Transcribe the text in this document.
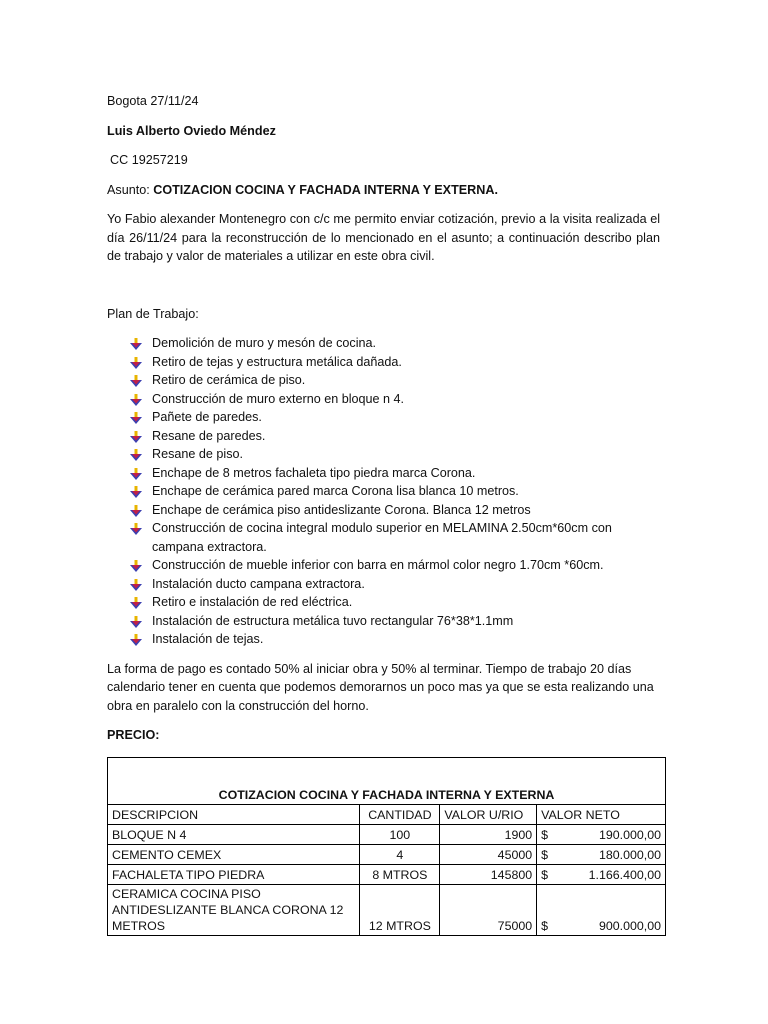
Bogota 27/11/24

Luis Alberto Oviedo Méndez

CC 19257219

Asunto: COTIZACION COCINA Y FACHADA INTERNA Y EXTERNA.

Yo Fabio alexander Montenegro con c/c me permito enviar cotización, previo a la visita realizada el día 26/11/24 para la reconstrucción de lo mencionado en el asunto; a continuación describo plan de trabajo y valor de materiales a utilizar en este obra civil.

Plan de Trabajo:

Demolición de muro y mesón de cocina.
Retiro de tejas y estructura metálica dañada.
Retiro de cerámica de piso.
Construcción de muro externo en bloque n 4.
Pañete de paredes.
Resane de paredes.
Resane de piso.
Enchape de 8 metros fachaleta tipo piedra marca Corona.
Enchape de cerámica pared marca Corona lisa blanca 10 metros.
Enchape de cerámica piso antideslizante Corona. Blanca 12 metros
Construcción de cocina integral modulo superior en MELAMINA 2.50cm*60cm con campana extractora.
Construcción de mueble inferior con barra en mármol color negro 1.70cm *60cm.
Instalación ducto campana extractora.
Retiro e instalación de red eléctrica.
Instalación de estructura metálica tuvo rectangular 76*38*1.1mm
Instalación de tejas.

La forma de pago es contado 50% al iniciar obra y 50% al terminar. Tiempo de trabajo 20 días calendario tener en cuenta que podemos demorarnos un poco mas ya que se esta realizando una obra en paralelo con la construcción del horno.

PRECIO:

COTIZACION COCINA Y FACHADA INTERNA Y EXTERNA			
DESCRIPCION	CANTIDAD	VALOR U/RIO	VALOR NETO
BLOQUE N 4	100	1900	$ 190.000,00

CEMENTO CEMEX	4	45000	$ 180.000,00

FACHALETA TIPO PIEDRA	8 MTROS	145800	$ 1.166.400,00

CERAMICA COCINA PISO ANTIDESLIZANTE BLANCA CORONA 12 METROS	12 MTROS	75000	$ 900.000,00
